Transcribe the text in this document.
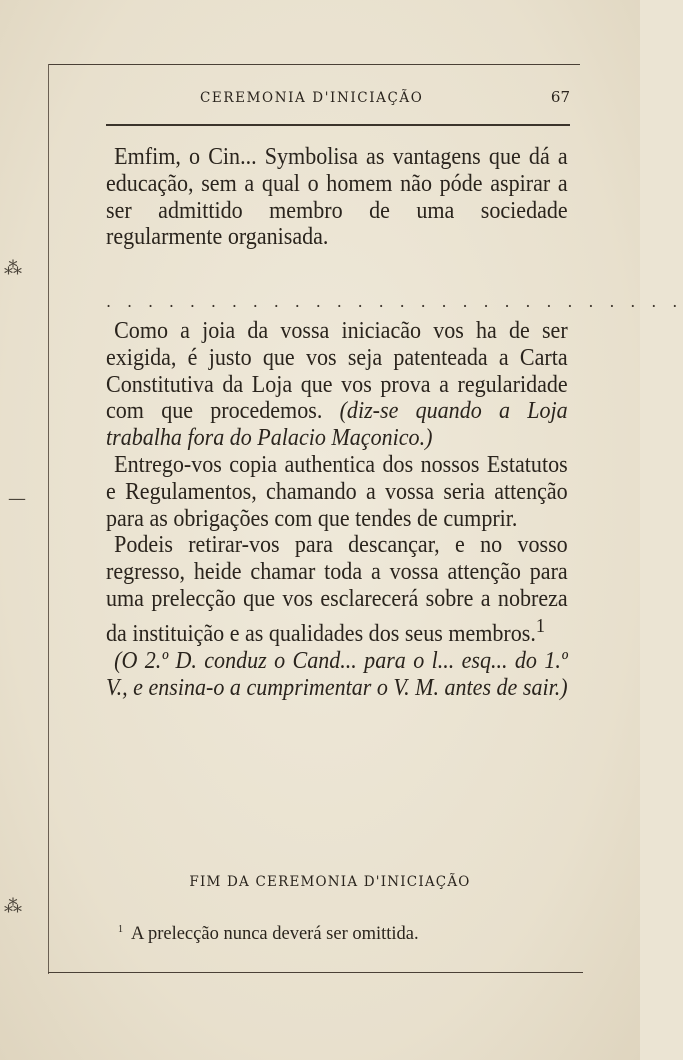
CEREMONIA D'INICIAÇÃO	67

Emfim, o Cin... Symbolisa as vantagens que dá a educação, sem a qual o homem não póde aspirar a ser admittido membro de uma sociedade regularmente organisada.

. . . . . . . . . . . . . . . . . . . . . . . . . . . .

Como a joia da vossa iniciacão vos ha de ser exigida, é justo que vos seja patenteada a Carta Constitutiva da Loja que vos prova a regularidade com que procedemos. (diz-se quando a Loja trabalha fora do Palacio Maçonico.)

Entrego-vos copia authentica dos nossos Estatutos e Regulamentos, chamando a vossa seria attenção para as obrigações com que tendes de cumprir.

Podeis retirar-vos para descançar, e no vosso regresso, heide chamar toda a vossa attenção para uma prelecção que vos esclarecerá sobre a nobreza da instituição e as qualidades dos seus membros.$^1$

(O 2.º D. conduz o Cand... para o l... esq... do 1.º V., e ensina-o a cumprimentar o V. M. antes de sair.)

FIM DA CEREMONIA D'INICIAÇÃO
$^1$ A prelecção nunca deverá ser omittida.
⁂
—
⁂
